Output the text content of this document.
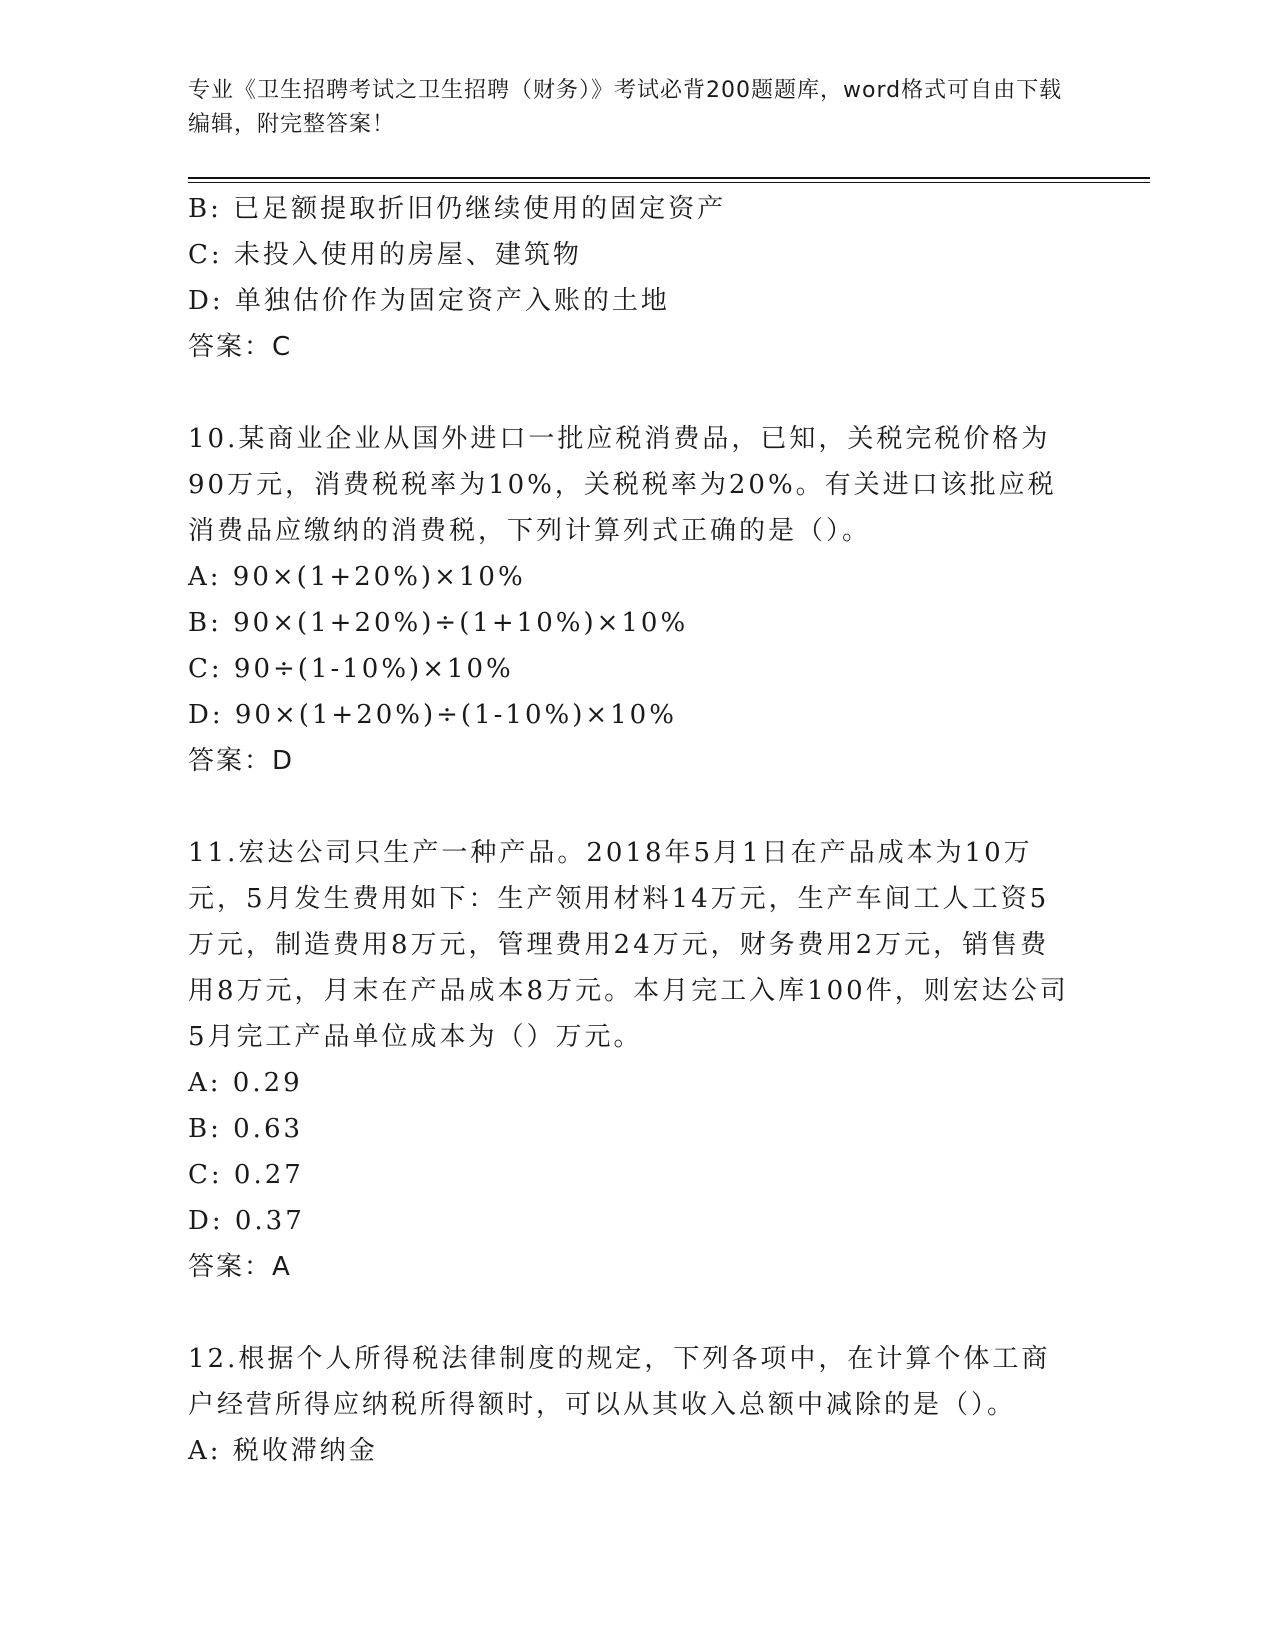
专业《卫生招聘考试之卫生招聘（财务）》考试必背200题题库，word格式可自由下载编辑，附完整答案！
B: 已足额提取折旧仍继续使用的固定资产
C: 未投入使用的房屋、建筑物
D: 单独估价作为固定资产入账的土地
答案：C
10.某商业企业从国外进口一批应税消费品，已知，关税完税价格为90万元，消费税税率为10%，关税税率为20%。有关进口该批应税消费品应缴纳的消费税，下列计算列式正确的是（）。
A: 90×(1+20%)×10%
B: 90×(1+20%)÷(1+10%)×10%
C: 90÷(1-10%)×10%
D: 90×(1+20%)÷(1-10%)×10%
答案：D
11.宏达公司只生产一种产品。2018年5月1日在产品成本为10万元，5月发生费用如下：生产领用材料14万元，生产车间工人工资5万元，制造费用8万元，管理费用24万元，财务费用2万元，销售费用8万元，月末在产品成本8万元。本月完工入库100件，则宏达公司5月完工产品单位成本为（）万元。
A: 0.29
B: 0.63
C: 0.27
D: 0.37
答案：A
12.根据个人所得税法律制度的规定，下列各项中，在计算个体工商户经营所得应纳税所得额时，可以从其收入总额中减除的是（）。
A: 税收滞纳金
